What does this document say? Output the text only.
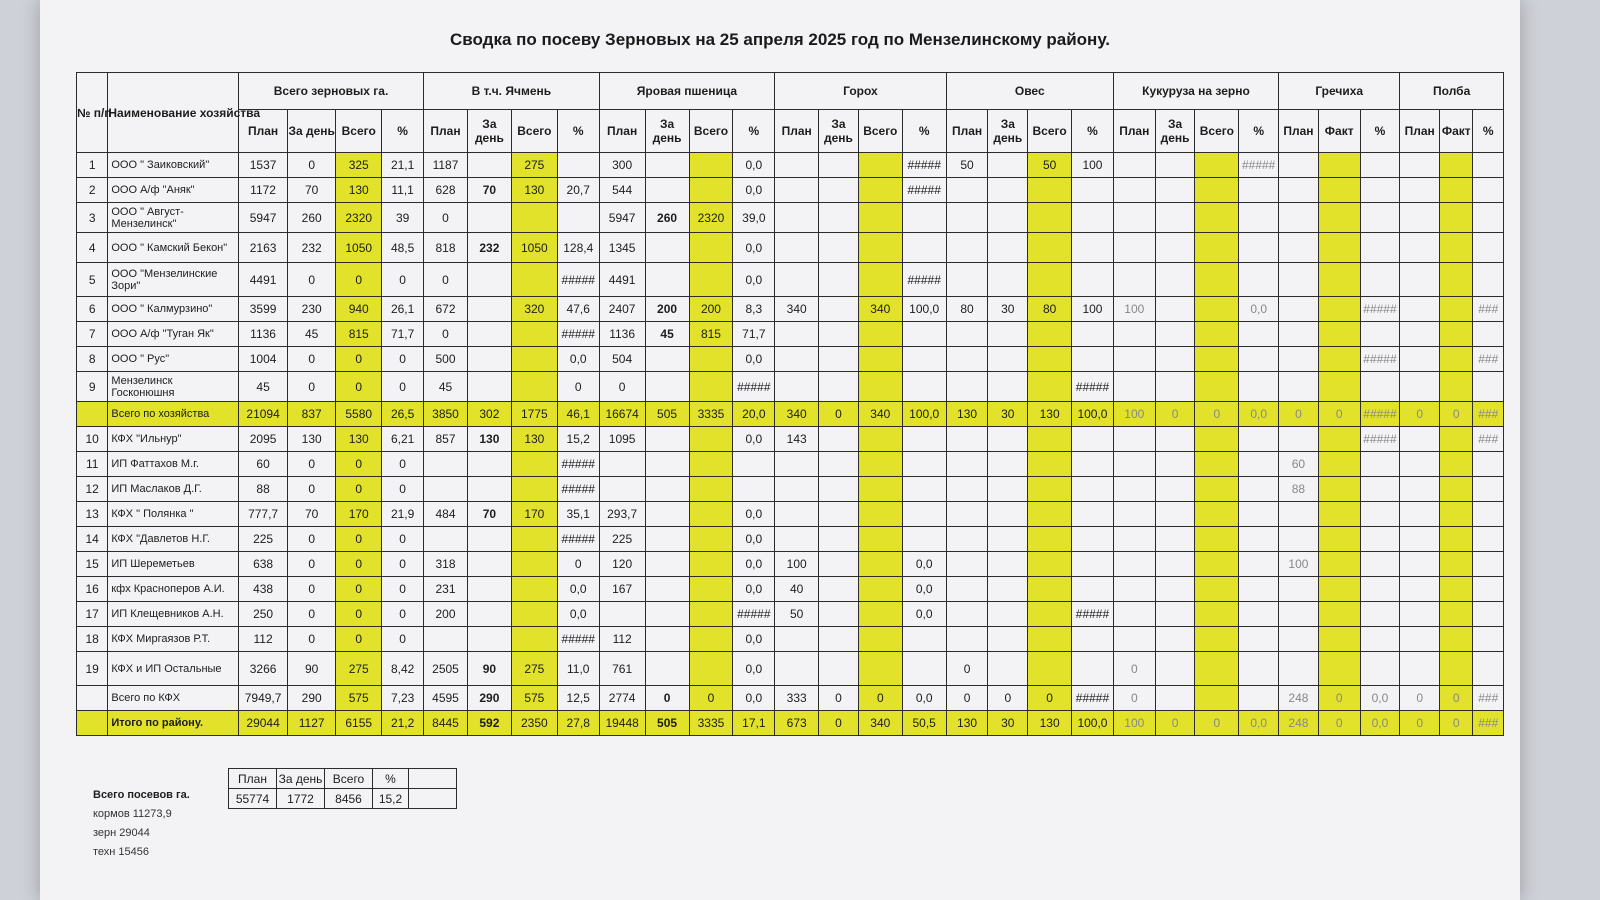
Сводка по посеву Зерновых на 25 апреля 2025 год по Мензелинскому району.
№ п/п	Наименование хозяйства	Всего зерновых га.				В т.ч. Ячмень				Яровая пшеница				Горох				Овес				Кукуруза на зерно				Гречиха			Полба		
		План	За день	Всего	%	План	За день	Всего	%	План	За день	Всего	%	План	За день	Всего	%	План	За день	Всего	%	План	За день	Всего	%	План	Факт	%	План	Факт	%
1	ООО " Заиковский"	1537	0	325	21,1	1187		275		300			0,0				#####	50		50	100				#####						
2	ООО А/ф "Аняк"	1172	70	130	11,1	628	70	130	20,7	544			0,0				#####														
3	ООО " Август-Мензелинск"	5947	260	2320	39	0				5947	260	2320	39,0																		
4	ООО " Камский Бекон"	2163	232	1050	48,5	818	232	1050	128,4	1345			0,0																		
5	ООО "Мензелинские Зори"	4491	0	0	0	0			#####	4491			0,0				#####														
6	ООО " Калмурзино"	3599	230	940	26,1	672		320	47,6	2407	200	200	8,3	340		340	100,0	80	30	80	100	100			0,0			#####			###
7	ООО А/ф "Туган Як"	1136	45	815	71,7	0			#####	1136	45	815	71,7																		
8	ООО " Рус"	1004	0	0	0	500			0,0	504			0,0															#####			###
9	Мензелинск Госконюшня	45	0	0	0	45			0	0			#####								#####										
	Всего по хозяйства	21094	837	5580	26,5	3850	302	1775	46,1	16674	505	3335	20,0	340	0	340	100,0	130	30	130	100,0	100	0	0	0,0	0	0	#####	0	0	###
10	КФХ "Ильнур"	2095	130	130	6,21	857	130	130	15,2	1095			0,0	143														#####			###
11	ИП Фаттахов М.г.	60	0	0	0				#####																	60					
12	ИП Маслаков Д.Г.	88	0	0	0				#####																	88					
13	КФХ " Полянка "	777,7	70	170	21,9	484	70	170	35,1	293,7			0,0																		
14	КФХ "Давлетов Н.Г.	225	0	0	0				#####	225			0,0																		
15	ИП Шереметьев	638	0	0	0	318			0	120			0,0	100			0,0									100					
16	кфх Красноперов А.И.	438	0	0	0	231			0,0	167			0,0	40			0,0														
17	ИП Клещевников А.Н.	250	0	0	0	200			0,0				#####	50			0,0				#####										
18	КФХ Миргаязов Р.Т.	112	0	0	0				#####	112			0,0																		
19	КФХ и ИП Остальные	3266	90	275	8,42	2505	90	275	11,0	761			0,0					0				0									
	Всего по КФХ	7949,7	290	575	7,23	4595	290	575	12,5	2774	0	0	0,0	333	0	0	0,0	0	0	0	#####	0				248	0	0,0	0	0	###
	Итого по району.	29044	1127	6155	21,2	8445	592	2350	27,8	19448	505	3335	17,1	673	0	340	50,5	130	30	130	100,0	100	0	0	0,0	248	0	0,0	0	0	###
План	За день	Всего	%	
55774	1772	8456	15,2	
Всего посевов га.
кормов 11273,9
зерн 29044
техн 15456
